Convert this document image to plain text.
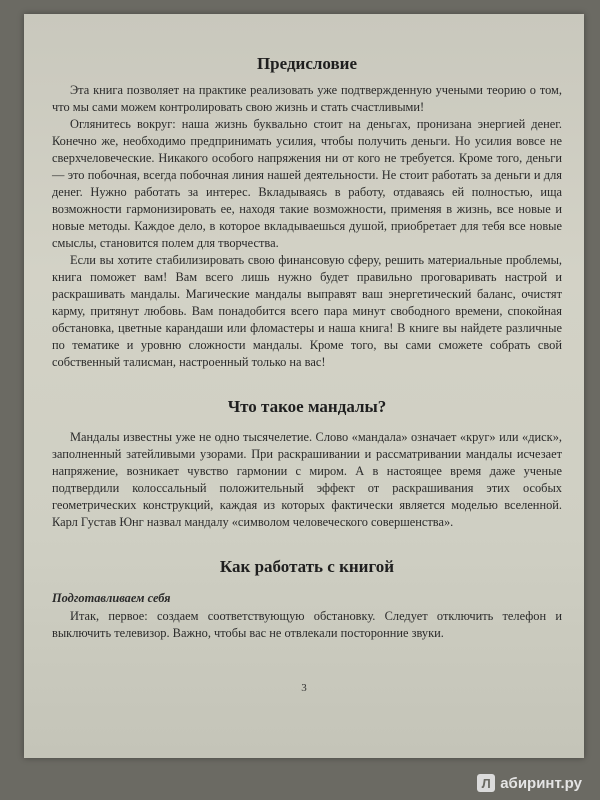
Предисловие

Эта книга позволяет на практике реализовать уже подтвержденную учеными теорию о том, что мы сами можем контролировать свою жизнь и стать счастливыми!

Оглянитесь вокруг: наша жизнь буквально стоит на деньгах, пронизана энергией денег. Конечно же, необходимо предпринимать усилия, чтобы получить деньги. Но усилия вовсе не сверхчеловеческие. Никакого особого напряжения ни от кого не требуется. Кроме того, деньги — это побочная, всегда побочная линия нашей деятельности. Не стоит работать за деньги и для денег. Нужно работать за интерес. Вкладываясь в работу, отдаваясь ей полностью, ища возможности гармонизировать ее, находя такие возможности, применяя в жизнь, все новые и новые методы. Каждое дело, в которое вкладываешься душой, приобретает для тебя все новые смыслы, становится полем для творчества.

Если вы хотите стабилизировать свою финансовую сферу, решить материальные проблемы, книга поможет вам! Вам всего лишь нужно будет правильно проговаривать настрой и раскрашивать мандалы. Магические мандалы выправят ваш энергетический баланс, очистят карму, притянут любовь. Вам понадобится всего пара минут свободного времени, спокойная обстановка, цветные карандаши или фломастеры и наша книга! В книге вы найдете различные по тематике и уровню сложности мандалы. Кроме того, вы сами сможете собрать свой собственный талисман, настроенный только на вас!

Что такое мандалы?

Мандалы известны уже не одно тысячелетие. Слово «мандала» означает «круг» или «диск», заполненный затейливыми узорами. При раскрашивании и рассматривании мандалы исчезает напряжение, возникает чувство гармонии с миром. А в настоящее время даже ученые подтвердили колоссальный положительный эффект от раскрашивания этих особых геометрических конструкций, каждая из которых фактически является моделью вселенной. Карл Густав Юнг назвал мандалу «символом человеческого совершенства».

Как работать с книгой

Подготавливаем себя

Итак, первое: создаем соответствующую обстановку. Следует отключить телефон и выключить телевизор. Важно, чтобы вас не отвлекали посторонние звуки.

3
Л абиринт.ру
